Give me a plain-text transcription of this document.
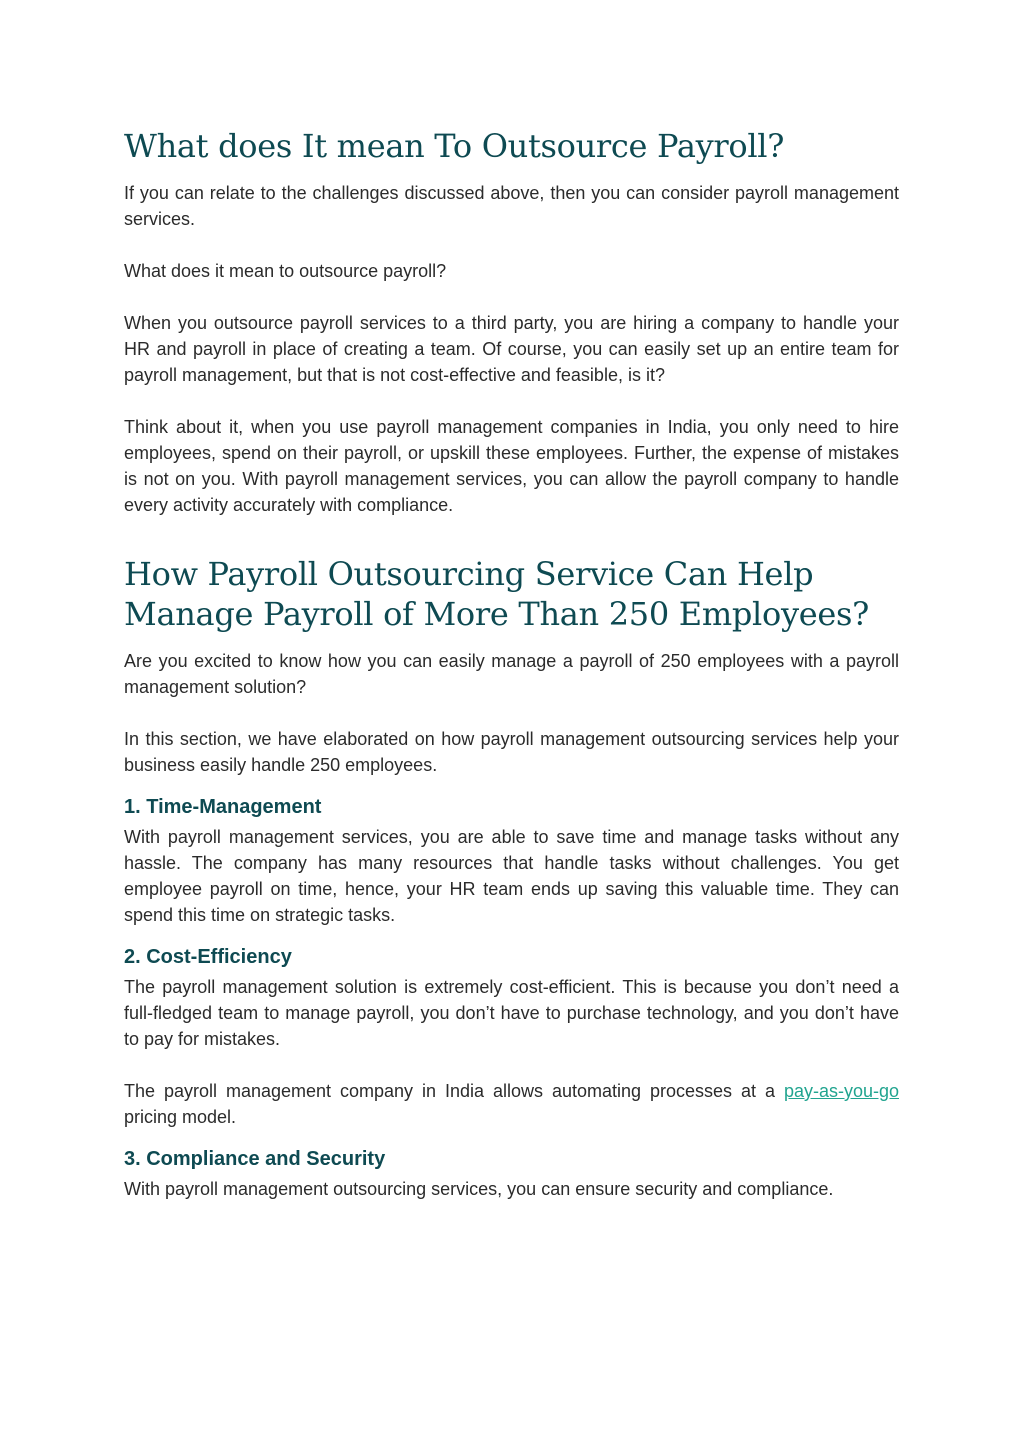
What does It mean To Outsource Payroll?

If you can relate to the challenges discussed above, then you can consider payroll management services.

What does it mean to outsource payroll?

When you outsource payroll services to a third party, you are hiring a company to handle your HR and payroll in place of creating a team. Of course, you can easily set up an entire team for payroll management, but that is not cost-effective and feasible, is it?

Think about it, when you use payroll management companies in India, you only need to hire employees, spend on their payroll, or upskill these employees. Further, the expense of mistakes is not on you. With payroll management services, you can allow the payroll company to handle every activity accurately with compliance.

How Payroll Outsourcing Service Can Help Manage Payroll of More Than 250 Employees?

Are you excited to know how you can easily manage a payroll of 250 employees with a payroll management solution?

In this section, we have elaborated on how payroll management outsourcing services help your business easily handle 250 employees.

1. Time-Management

With payroll management services, you are able to save time and manage tasks without any hassle. The company has many resources that handle tasks without challenges. You get employee payroll on time, hence, your HR team ends up saving this valuable time. They can spend this time on strategic tasks.

2. Cost-Efficiency

The payroll management solution is extremely cost-efficient. This is because you don’t need a full-fledged team to manage payroll, you don’t have to purchase technology, and you don’t have to pay for mistakes.

The payroll management company in India allows automating processes at a pay-as-you-go pricing model.

3. Compliance and Security

With payroll management outsourcing services, you can ensure security and compliance.
